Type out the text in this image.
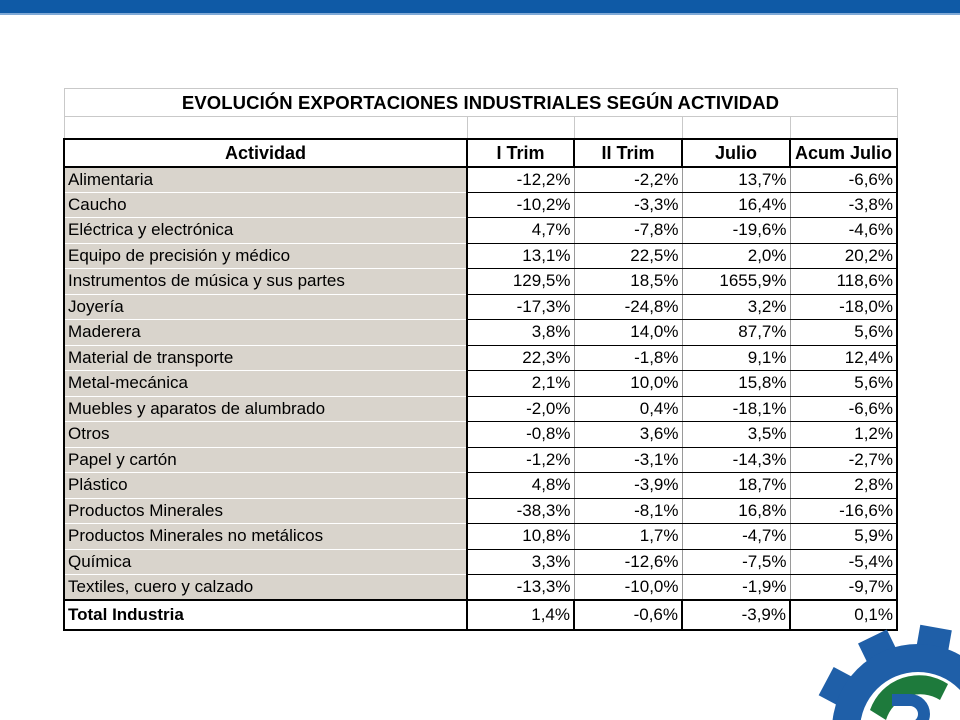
EVOLUCIÓN EXPORTACIONES INDUSTRIALES SEGÚN ACTIVIDAD				

Actividad	I Trim	II Trim	Julio	Acum Julio
Alimentaria	-12,2%	-2,2%	13,7%	-6,6%
Caucho	-10,2%	-3,3%	16,4%	-3,8%
Eléctrica y electrónica	4,7%	-7,8%	-19,6%	-4,6%
Equipo de precisión y médico	13,1%	22,5%	2,0%	20,2%
Instrumentos de música y sus partes	129,5%	18,5%	1655,9%	118,6%
Joyería	-17,3%	-24,8%	3,2%	-18,0%
Maderera	3,8%	14,0%	87,7%	5,6%
Material de transporte	22,3%	-1,8%	9,1%	12,4%
Metal-mecánica	2,1%	10,0%	15,8%	5,6%
Muebles y aparatos de alumbrado	-2,0%	0,4%	-18,1%	-6,6%
Otros	-0,8%	3,6%	3,5%	1,2%
Papel y cartón	-1,2%	-3,1%	-14,3%	-2,7%
Plástico	4,8%	-3,9%	18,7%	2,8%
Productos Minerales	-38,3%	-8,1%	16,8%	-16,6%
Productos Minerales no metálicos	10,8%	1,7%	-4,7%	5,9%
Química	3,3%	-12,6%	-7,5%	-5,4%
Textiles, cuero y calzado	-13,3%	-10,0%	-1,9%	-9,7%
Total Industria	1,4%	-0,6%	-3,9%	0,1%
